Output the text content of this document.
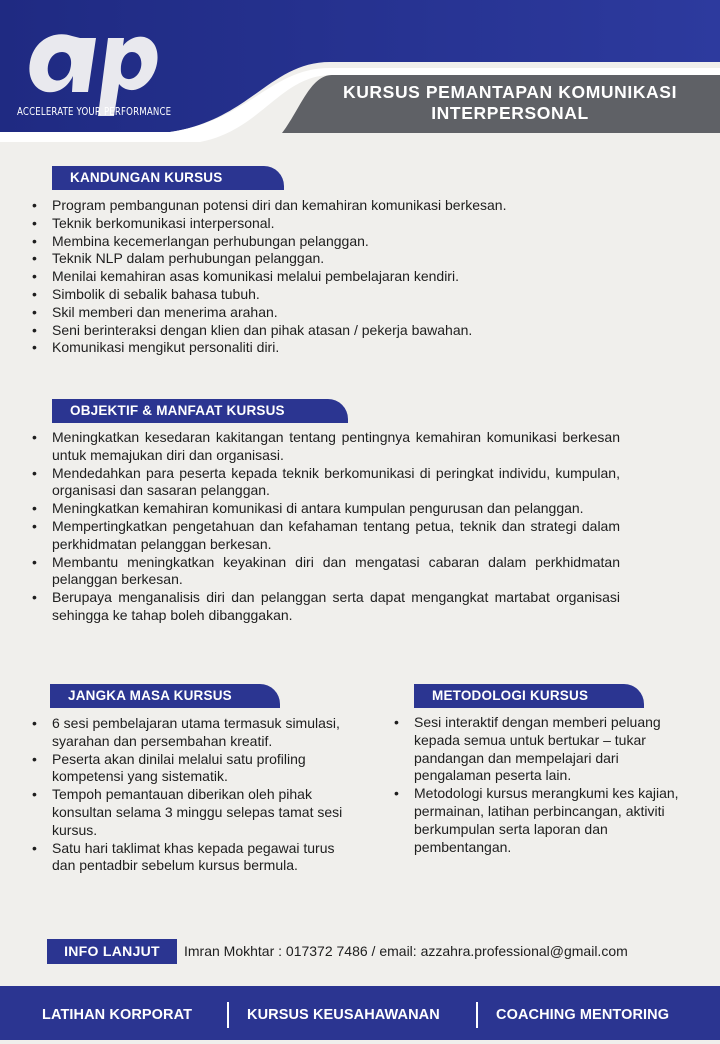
ACCELERATE YOUR PERFORMANCE
KURSUS PEMANTAPAN KOMUNIKASI
INTERPERSONAL
KANDUNGAN KURSUS
• Program pembangunan potensi diri dan kemahiran komunikasi berkesan.
• Teknik berkomunikasi interpersonal.
• Membina kecemerlangan perhubungan pelanggan.
• Teknik NLP dalam perhubungan pelanggan.
• Menilai kemahiran asas komunikasi melalui pembelajaran kendiri.
• Simbolik di sebalik bahasa tubuh.
• Skil memberi dan menerima arahan.
• Seni berinteraksi dengan klien dan pihak atasan / pekerja bawahan.
• Komunikasi mengikut personaliti diri.
OBJEKTIF & MANFAAT KURSUS
• Meningkatkan kesedaran kakitangan tentang pentingnya kemahiran komunikasi berkesan untuk memajukan diri dan organisasi.
• Mendedahkan para peserta kepada teknik berkomunikasi di peringkat individu, kumpulan, organisasi dan sasaran pelanggan.
• Meningkatkan kemahiran komunikasi di antara kumpulan pengurusan dan pelanggan.
• Mempertingkatkan pengetahuan dan kefahaman tentang petua, teknik dan strategi dalam perkhidmatan pelanggan berkesan.
• Membantu meningkatkan keyakinan diri dan mengatasi cabaran dalam perkhidmatan pelanggan berkesan.
• Berupaya menganalisis diri dan pelanggan serta dapat mengangkat martabat organisasi sehingga ke tahap boleh dibanggakan.
JANGKA MASA KURSUS
• 6 sesi pembelajaran utama termasuk simulasi, syarahan dan persembahan kreatif.
• Peserta akan dinilai melalui satu profiling kompetensi yang sistematik.
• Tempoh pemantauan diberikan oleh pihak konsultan selama 3 minggu selepas tamat sesi kursus.
• Satu hari taklimat khas kepada pegawai turus dan pentadbir sebelum kursus bermula.
METODOLOGI KURSUS
• Sesi interaktif dengan memberi peluang kepada semua untuk bertukar – tukar pandangan dan mempelajari dari pengalaman peserta lain.
• Metodologi kursus merangkumi kes kajian, permainan, latihan perbincangan, aktiviti berkumpulan serta laporan dan pembentangan.
INFO LANJUT	Imran Mokhtar : 017372 7486 / email: azzahra.professional@gmail.com
LATIHAN KORPORAT	KURSUS KEUSAHAWANAN	COACHING MENTORING
